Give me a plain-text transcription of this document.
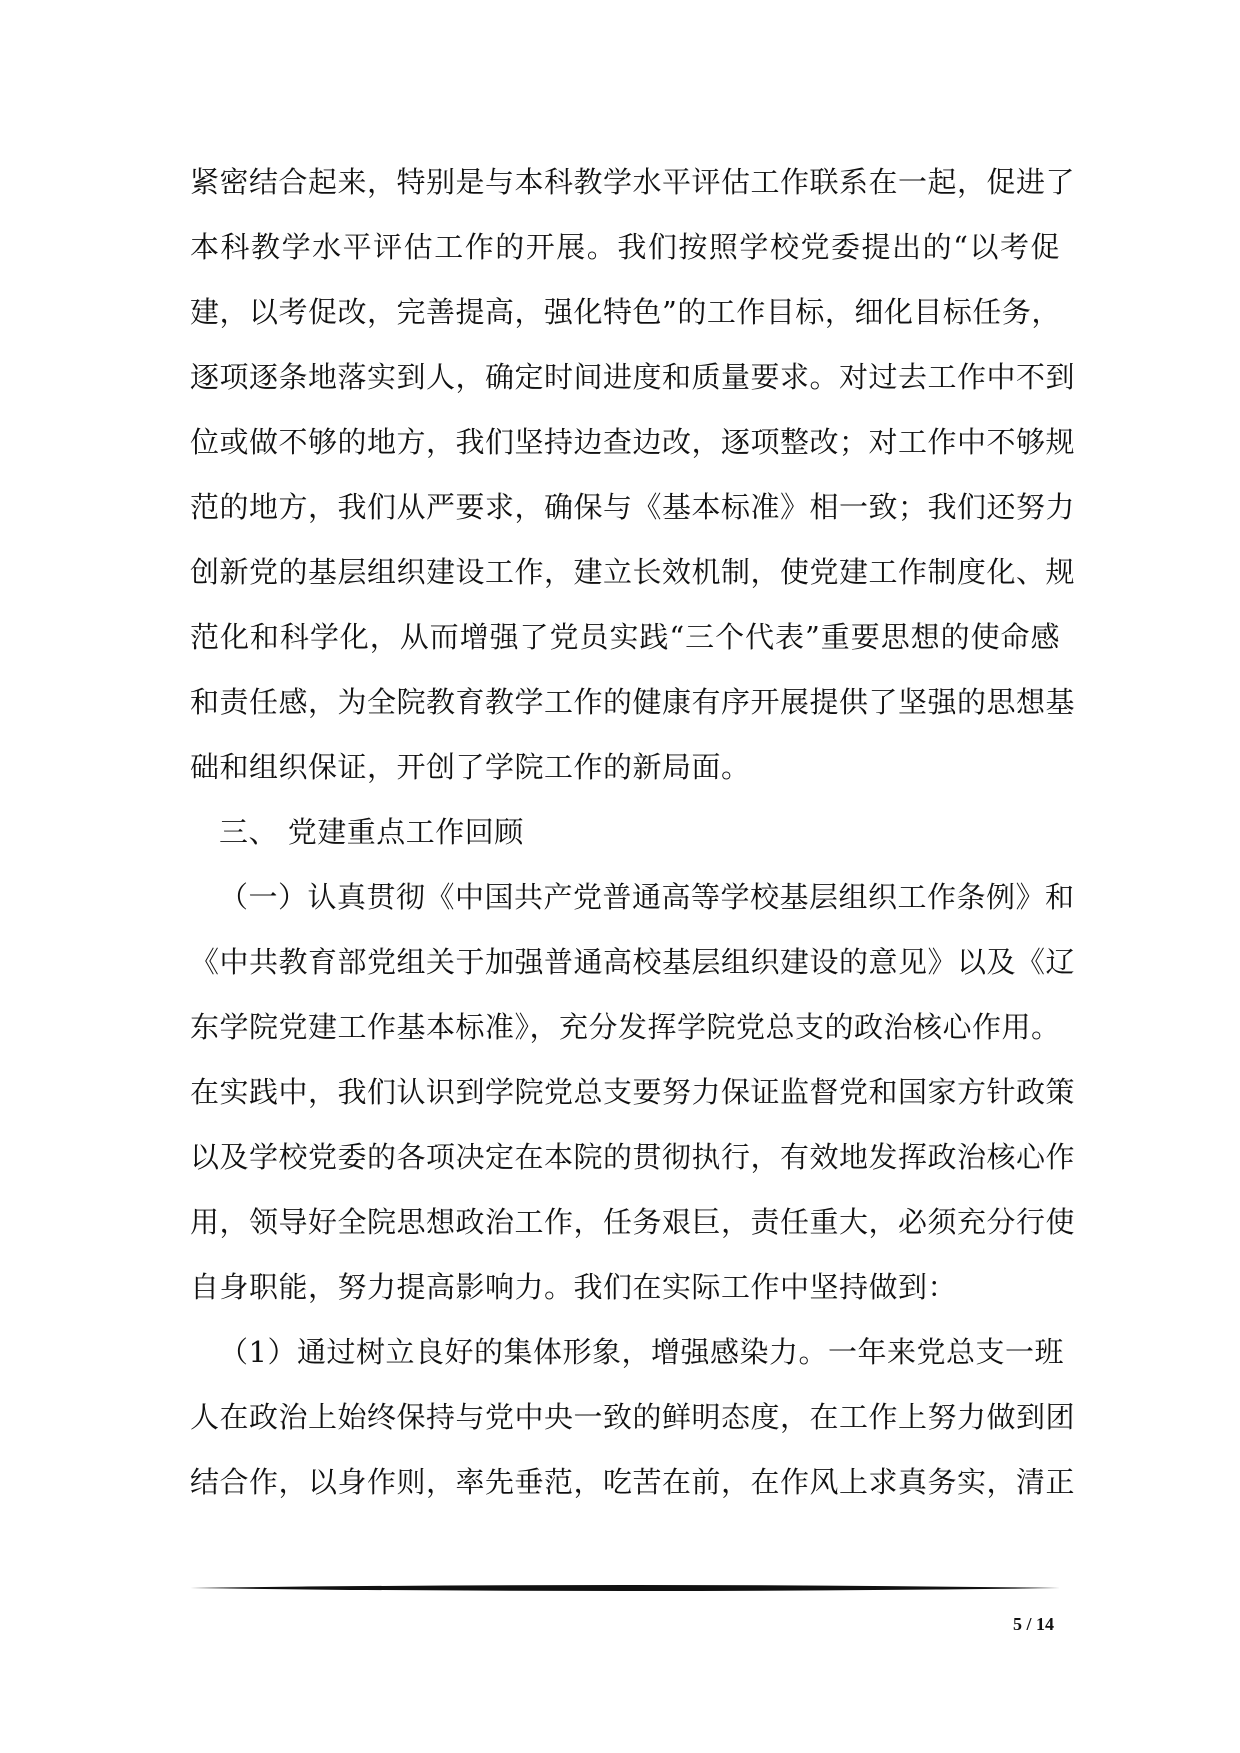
紧密结合起来，特别是与本科教学水平评估工作联系在一起，促进了
本科教学水平评估工作的开展。我们按照学校党委提出的“以考促
建，以考促改，完善提高，强化特色”的工作目标，细化目标任务，
逐项逐条地落实到人，确定时间进度和质量要求。对过去工作中不到
位或做不够的地方，我们坚持边查边改，逐项整改；对工作中不够规
范的地方，我们从严要求，确保与《基本标准》相一致；我们还努力
创新党的基层组织建设工作，建立长效机制，使党建工作制度化、规
范化和科学化，从而增强了党员实践“三个代表”重要思想的使命感
和责任感，为全院教育教学工作的健康有序开展提供了坚强的思想基
础和组织保证，开创了学院工作的新局面。
三、 党建重点工作回顾
（一）认真贯彻《中国共产党普通高等学校基层组织工作条例》和
《中共教育部党组关于加强普通高校基层组织建设的意见》以及《辽
东学院党建工作基本标准》，充分发挥学院党总支的政治核心作用。
在实践中，我们认识到学院党总支要努力保证监督党和国家方针政策
以及学校党委的各项决定在本院的贯彻执行，有效地发挥政治核心作
用，领导好全院思想政治工作，任务艰巨，责任重大，必须充分行使
自身职能，努力提高影响力。我们在实际工作中坚持做到：
（1）通过树立良好的集体形象，增强感染力。一年来党总支一班
人在政治上始终保持与党中央一致的鲜明态度，在工作上努力做到团
结合作，以身作则，率先垂范，吃苦在前，在作风上求真务实，清正
5 / 14
